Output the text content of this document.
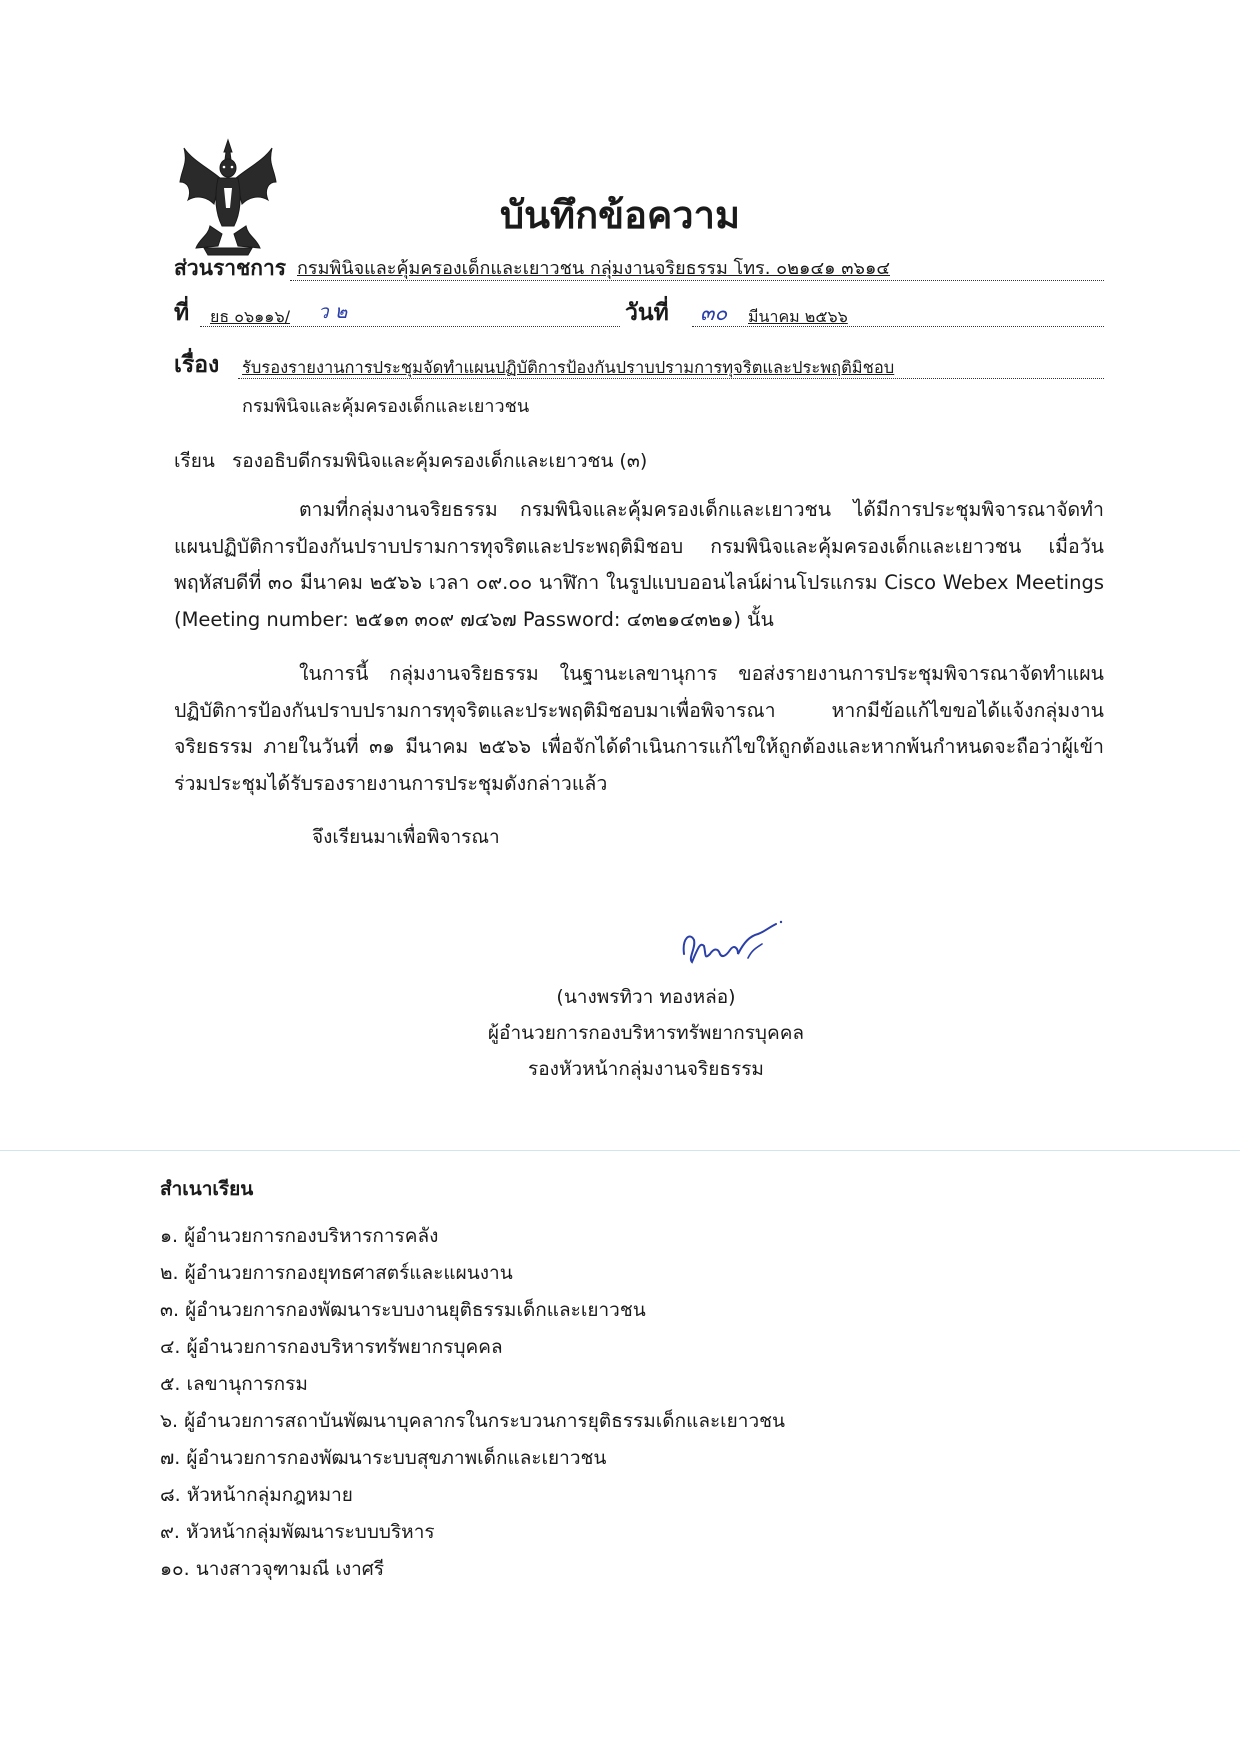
บันทึกข้อความ
ส่วนราชการ กรมพินิจและคุ้มครองเด็กและเยาวชน กลุ่มงานจริยธรรม โทร. ๐๒๑๔๑ ๓๖๑๔
ที่ ยธ ๐๖๑๑๖/ ว ๒	วันที่ ๓๐ มีนาคม ๒๕๖๖
เรื่อง รับรองรายงานการประชุมจัดทำแผนปฏิบัติการป้องกันปราบปรามการทุจริตและประพฤติมิชอบ
กรมพินิจและคุ้มครองเด็กและเยาวชน
เรียน รองอธิบดีกรมพินิจและคุ้มครองเด็กและเยาวชน (๓)
ตามที่กลุ่มงานจริยธรรม กรมพินิจและคุ้มครองเด็กและเยาวชน ได้มีการประชุมพิจารณาจัดทำแผนปฏิบัติการป้องกันปราบปรามการทุจริตและประพฤติมิชอบ กรมพินิจและคุ้มครองเด็กและเยาวชน เมื่อวันพฤหัสบดีที่ ๓๐ มีนาคม ๒๕๖๖ เวลา ๐๙.๐๐ นาฬิกา ในรูปแบบออนไลน์ผ่านโปรแกรม Cisco Webex Meetings (Meeting number: ๒๕๑๓ ๓๐๙ ๗๔๖๗ Password: ๔๓๒๑๔๓๒๑) นั้น
ในการนี้ กลุ่มงานจริยธรรม ในฐานะเลขานุการ ขอส่งรายงานการประชุมพิจารณาจัดทำแผนปฏิบัติการป้องกันปราบปรามการทุจริตและประพฤติมิชอบมาเพื่อพิจารณา หากมีข้อแก้ไขขอได้แจ้งกลุ่มงานจริยธรรม ภายในวันที่ ๓๑ มีนาคม ๒๕๖๖ เพื่อจักได้ดำเนินการแก้ไขให้ถูกต้องและหากพ้นกำหนดจะถือว่าผู้เข้าร่วมประชุมได้รับรองรายงานการประชุมดังกล่าวแล้ว
จึงเรียนมาเพื่อพิจารณา
(นางพรทิวา ทองหล่อ)
ผู้อำนวยการกองบริหารทรัพยากรบุคคล
รองหัวหน้ากลุ่มงานจริยธรรม
สำเนาเรียน
๑. ผู้อำนวยการกองบริหารการคลัง
๒. ผู้อำนวยการกองยุทธศาสตร์และแผนงาน
๓. ผู้อำนวยการกองพัฒนาระบบงานยุติธรรมเด็กและเยาวชน
๔. ผู้อำนวยการกองบริหารทรัพยากรบุคคล
๕. เลขานุการกรม
๖. ผู้อำนวยการสถาบันพัฒนาบุคลากรในกระบวนการยุติธรรมเด็กและเยาวชน
๗. ผู้อำนวยการกองพัฒนาระบบสุขภาพเด็กและเยาวชน
๘. หัวหน้ากลุ่มกฎหมาย
๙. หัวหน้ากลุ่มพัฒนาระบบบริหาร
๑๐. นางสาวจุฑามณี เงาศรี
